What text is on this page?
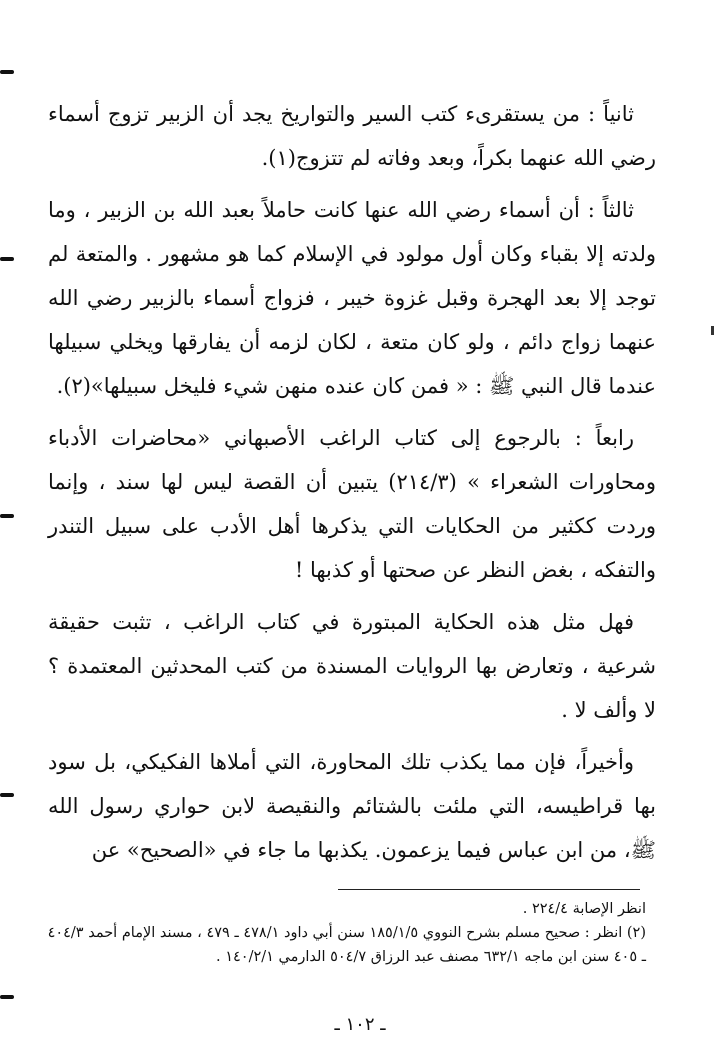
ثانياً : من يستقرىء كتب السير والتواريخ يجد أن الزبير تزوج أسماء رضي الله عنهما بكراً، وبعد وفاته لم تتزوج(١).

ثالثاً : أن أسماء رضي الله عنها كانت حاملاً بعبد الله بن الزبير ، وما ولدته إلا بقباء وكان أول مولود في الإسلام كما هو مشهور . والمتعة لم توجد إلا بعد الهجرة وقبل غزوة خيبر ، فزواج أسماء بالزبير رضي الله عنهما زواج دائم ، ولو كان متعة ، لكان لزمه أن يفارقها ويخلي سبيلها عندما قال النبي ﷺ : « فمن كان عنده منهن شيء فليخل سبيلها»(٢).

رابعاً : بالرجوع إلى كتاب الراغب الأصبهاني «محاضرات الأدباء ومحاورات الشعراء » (٢١٤/٣) يتبين أن القصة ليس لها سند ، وإنما وردت ككثير من الحكايات التي يذكرها أهل الأدب على سبيل التندر والتفكه ، بغض النظر عن صحتها أو كذبها !

فهل مثل هذه الحكاية المبتورة في كتاب الراغب ، تثبت حقيقة شرعية ، وتعارض بها الروايات المسندة من كتب المحدثين المعتمدة ؟ لا وألف لا .

وأخيراً، فإن مما يكذب تلك المحاورة، التي أملاها الفكيكي، بل سود بها قراطيسه، التي ملئت بالشتائم والنقيصة لابن حواري رسول الله ﷺ، من ابن عباس فيما يزعمون. يكذبها ما جاء في «الصحيح» عن

انظر الإصابة ٢٢٤/٤ .

(٢) انظر : صحيح مسلم بشرح النووي ١٨٥/١/٥ سنن أبي داود ٤٧٨/١ ـ ٤٧٩ ، مسند الإمام أحمد ٤٠٤/٣ ـ ٤٠٥ سنن ابن ماجه ٦٣٢/١ مصنف عبد الرزاق ٥٠٤/٧ الدارمي ١٤٠/٢/١ .

ـ ١٠٢ ـ
